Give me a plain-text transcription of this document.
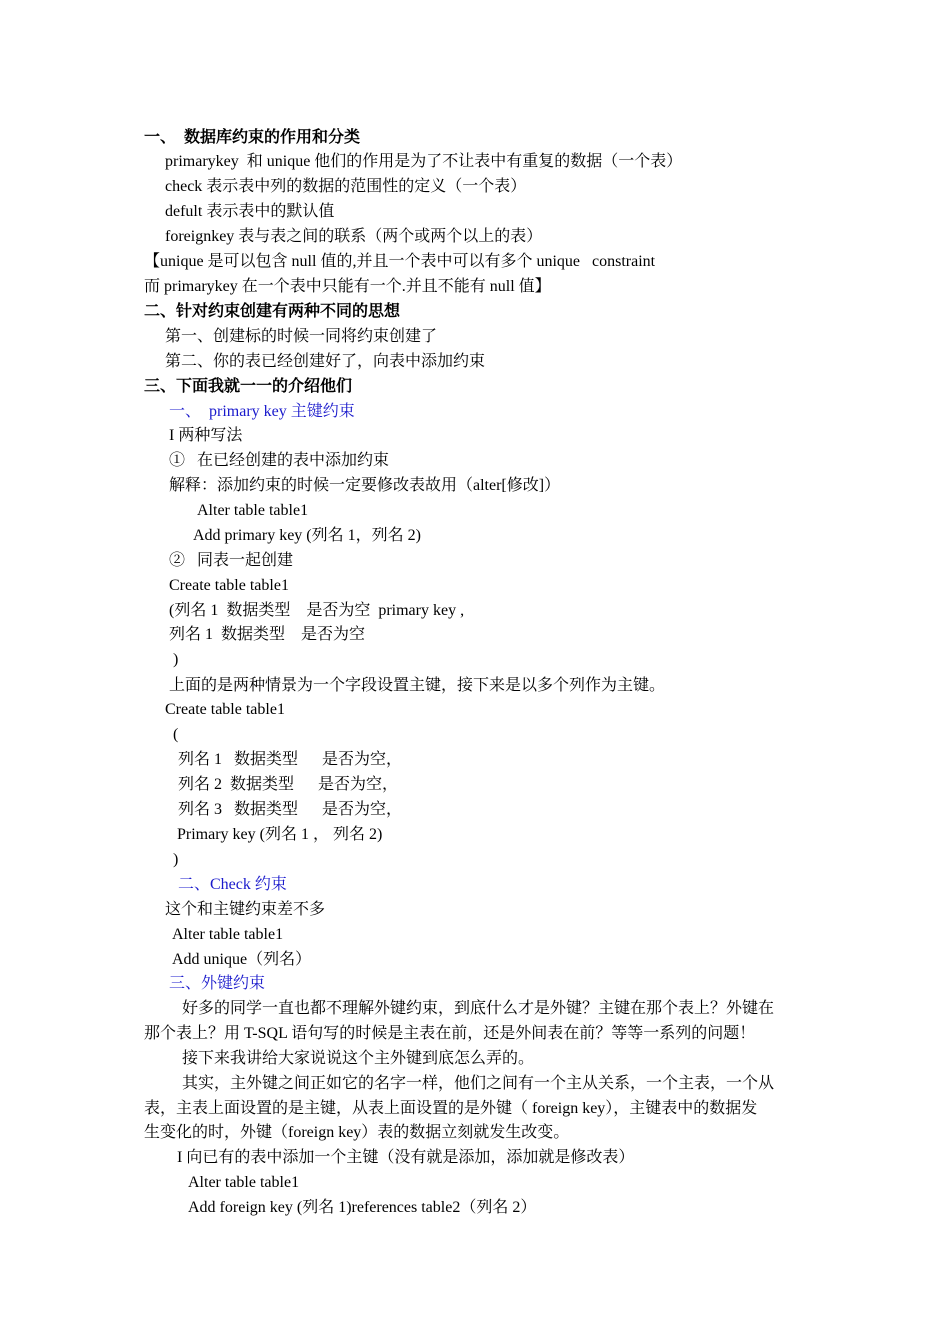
一、  数据库约束的作用和分类
primarykey  和 unique 他们的作用是为了不让表中有重复的数据（一个表）
check 表示表中列的数据的范围性的定义（一个表）
defult 表示表中的默认值
foreignkey 表与表之间的联系（两个或两个以上的表）
【unique 是可以包含 null 值的,并且一个表中可以有多个 unique   constraint
而 primarykey 在一个表中只能有一个.并且不能有 null 值】
二、针对约束创建有两种不同的思想
第一、创建标的时候一同将约束创建了
第二、你的表已经创建好了，向表中添加约束
三、下面我就一一的介绍他们
一、  primary key 主键约束
I 两种写法
①   在已经创建的表中添加约束
解释：添加约束的时候一定要修改表故用（alter[修改]）
Alter table table1
Add primary key (列名 1，列名 2)
②   同表一起创建
Create table table1
(列名 1  数据类型    是否为空  primary key ,
列名 1  数据类型    是否为空
)
上面的是两种情景为一个字段设置主键，接下来是以多个列作为主键。
Create table table1
(
列名 1   数据类型      是否为空，
列名 2  数据类型      是否为空，
列名 3   数据类型      是否为空，
Primary key (列名 1 ， 列名 2)
)
二、Check 约束
这个和主键约束差不多
Alter table table1
Add unique（列名）
三、外键约束
好多的同学一直也都不理解外键约束，到底什么才是外键？主键在那个表上？外键在
那个表上？用 T-SQL 语句写的时候是主表在前，还是外间表在前？等等一系列的问题！
接下来我讲给大家说说这个主外键到底怎么弄的。
其实，主外键之间正如它的名字一样，他们之间有一个主从关系，一个主表，一个从
表，主表上面设置的是主键，从表上面设置的是外键（ foreign key），主键表中的数据发
生变化的时，外键（foreign key）表的数据立刻就发生改变。
I 向已有的表中添加一个主键（没有就是添加，添加就是修改表）
Alter table table1
Add foreign key (列名 1)references table2（列名 2）
